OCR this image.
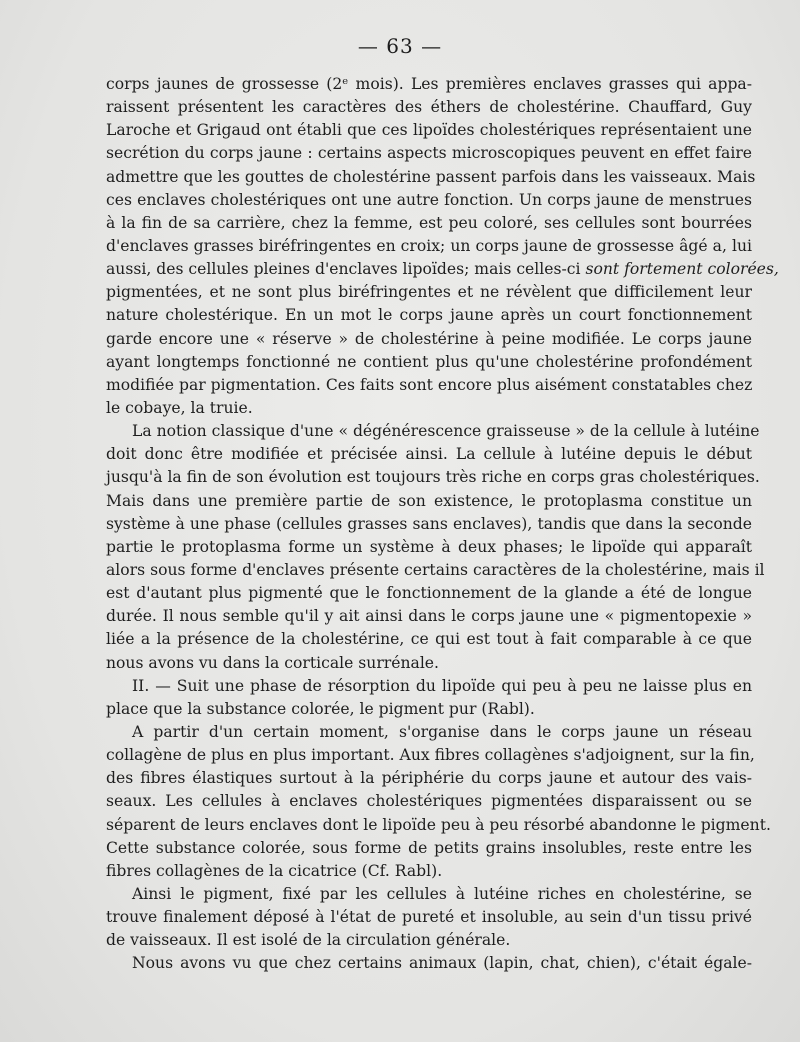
— 63 —
corps jaunes de grossesse (2ᵉ mois). Les premières enclaves grasses qui appa-
raissent présentent les caractères des éthers de cholestérine. Chauffard, Guy
Laroche et Grigaud ont établi que ces lipoïdes cholestériques représentaient une
secrétion du corps jaune : certains aspects microscopiques peuvent en effet faire
admettre que les gouttes de cholestérine passent parfois dans les vaisseaux. Mais
ces enclaves cholestériques ont une autre fonction. Un corps jaune de menstrues
à la fin de sa carrière, chez la femme, est peu coloré, ses cellules sont bourrées
d'enclaves grasses biréfringentes en croix; un corps jaune de grossesse âgé a, lui
aussi, des cellules pleines d'enclaves lipoïdes; mais celles-ci sont fortement colorées,
pigmentées, et ne sont plus biréfringentes et ne révèlent que difficilement leur
nature cholestérique. En un mot le corps jaune après un court fonctionnement
garde encore une « réserve » de cholestérine à peine modifiée. Le corps jaune
ayant longtemps fonctionné ne contient plus qu'une cholestérine profondément
modifiée par pigmentation. Ces faits sont encore plus aisément constatables chez
le cobaye, la truie.
La notion classique d'une « dégénérescence graisseuse » de la cellule à lutéine
doit donc être modifiée et précisée ainsi. La cellule à lutéine depuis le début
jusqu'à la fin de son évolution est toujours très riche en corps gras cholestériques.
Mais dans une première partie de son existence, le protoplasma constitue un
système à une phase (cellules grasses sans enclaves), tandis que dans la seconde
partie le protoplasma forme un système à deux phases; le lipoïde qui apparaît
alors sous forme d'enclaves présente certains caractères de la cholestérine, mais il
est d'autant plus pigmenté que le fonctionnement de la glande a été de longue
durée. Il nous semble qu'il y ait ainsi dans le corps jaune une « pigmentopexie »
liée a la présence de la cholestérine, ce qui est tout à fait comparable à ce que
nous avons vu dans la corticale surrénale.
II. — Suit une phase de résorption du lipoïde qui peu à peu ne laisse plus en
place que la substance colorée, le pigment pur (Rabl).
A partir d'un certain moment, s'organise dans le corps jaune un réseau
collagène de plus en plus important. Aux fibres collagènes s'adjoignent, sur la fin,
des fibres élastiques surtout à la périphérie du corps jaune et autour des vais-
seaux. Les cellules à enclaves cholestériques pigmentées disparaissent ou se
séparent de leurs enclaves dont le lipoïde peu à peu résorbé abandonne le pigment.
Cette substance colorée, sous forme de petits grains insolubles, reste entre les
fibres collagènes de la cicatrice (Cf. Rabl).
Ainsi le pigment, fixé par les cellules à lutéine riches en cholestérine, se
trouve finalement déposé à l'état de pureté et insoluble, au sein d'un tissu privé
de vaisseaux. Il est isolé de la circulation générale.
Nous avons vu que chez certains animaux (lapin, chat, chien), c'était égale-
